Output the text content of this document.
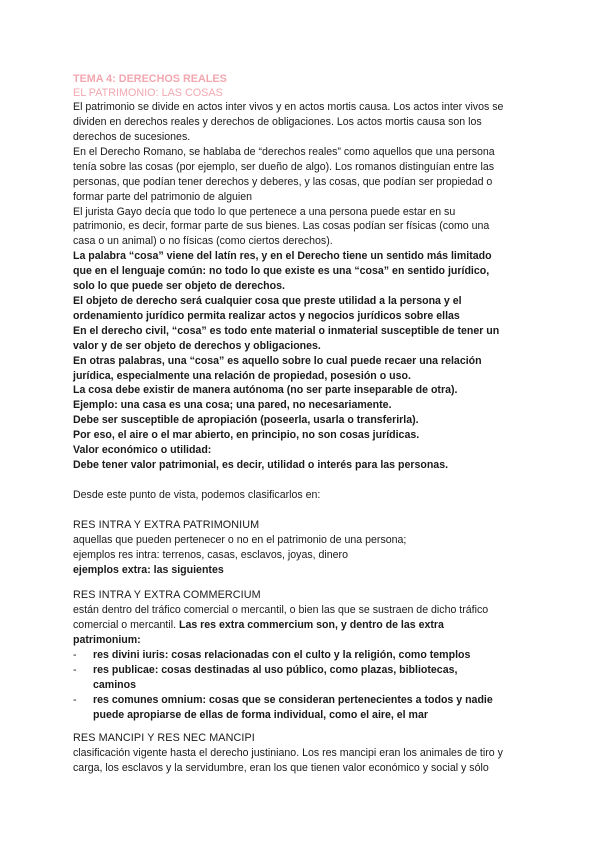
TEMA 4: DERECHOS REALES
EL PATRIMONIO: LAS COSAS
El patrimonio se divide en actos inter vivos y en actos mortis causa. Los actos inter vivos se
dividen en derechos reales y derechos de obligaciones. Los actos mortis causa son los
derechos de sucesiones.
En el Derecho Romano, se hablaba de “derechos reales” como aquellos que una persona
tenía sobre las cosas (por ejemplo, ser dueño de algo). Los romanos distinguían entre las
personas, que podían tener derechos y deberes, y las cosas, que podían ser propiedad o
formar parte del patrimonio de alguien
El jurista Gayo decía que todo lo que pertenece a una persona puede estar en su
patrimonio, es decir, formar parte de sus bienes. Las cosas podían ser físicas (como una
casa o un animal) o no físicas (como ciertos derechos).
La palabra “cosa” viene del latín res, y en el Derecho tiene un sentido más limitado
que en el lenguaje común: no todo lo que existe es una “cosa” en sentido jurídico,
solo lo que puede ser objeto de derechos.
El objeto de derecho será cualquier cosa que preste utilidad a la persona y el
ordenamiento jurídico permita realizar actos y negocios jurídicos sobre ellas
En el derecho civil, “cosa” es todo ente material o inmaterial susceptible de tener un
valor y de ser objeto de derechos y obligaciones.
En otras palabras, una “cosa” es aquello sobre lo cual puede recaer una relación
jurídica, especialmente una relación de propiedad, posesión o uso.
La cosa debe existir de manera autónoma (no ser parte inseparable de otra).
Ejemplo: una casa es una cosa; una pared, no necesariamente.
Debe ser susceptible de apropiación (poseerla, usarla o transferirla).
Por eso, el aire o el mar abierto, en principio, no son cosas jurídicas.
Valor económico o utilidad:
Debe tener valor patrimonial, es decir, utilidad o interés para las personas.
Desde este punto de vista, podemos clasificarlos en:
RES INTRA Y EXTRA PATRIMONIUM
aquellas que pueden pertenecer o no en el patrimonio de una persona;
ejemplos res intra: terrenos, casas, esclavos, joyas, dinero
ejemplos extra: las siguientes
RES INTRA Y EXTRA COMMERCIUM
están dentro del tráfico comercial o mercantil, o bien las que se sustraen de dicho tráfico
comercial o mercantil. Las res extra commercium son, y dentro de las extra
patrimonium:
- res divini iuris: cosas relacionadas con el culto y la religión, como templos
- res publicae: cosas destinadas al uso público, como plazas, bibliotecas,
caminos
- res comunes omnium: cosas que se consideran pertenecientes a todos y nadie
puede apropiarse de ellas de forma individual, como el aire, el mar
RES MANCIPI Y RES NEC MANCIPI
clasificación vigente hasta el derecho justiniano. Los res mancipi eran los animales de tiro y
carga, los esclavos y la servidumbre, eran los que tienen valor económico y social y sólo
